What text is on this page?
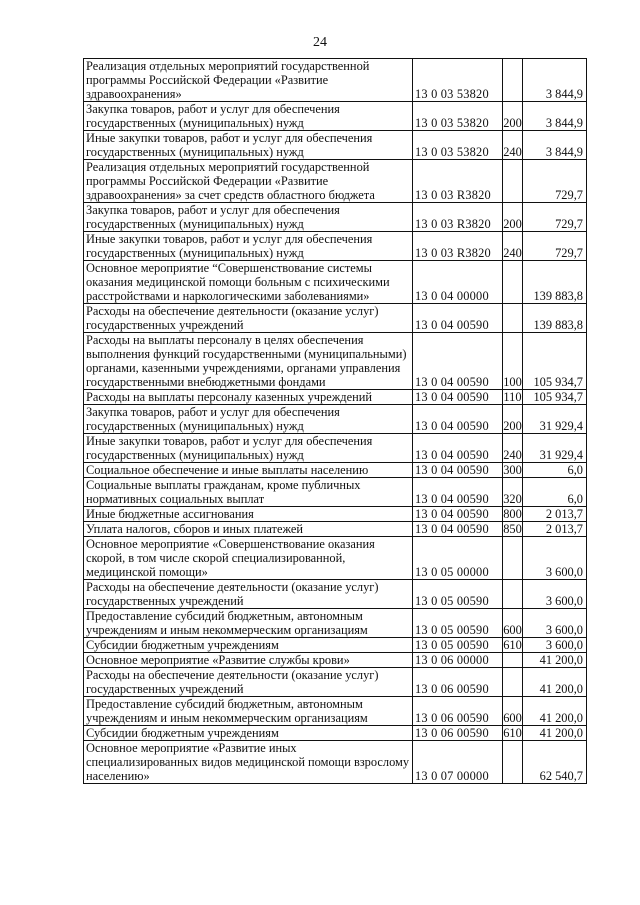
24
Реализация отдельных мероприятий государственной программы Российской Федерации «Развитие здравоохранения»	13 0 03 53820		3 844,9
Закупка товаров, работ и услуг для обеспечения государственных (муниципальных) нужд	13 0 03 53820	200	3 844,9
Иные закупки товаров, работ и услуг для обеспечения государственных (муниципальных) нужд	13 0 03 53820	240	3 844,9
Реализация отдельных мероприятий государственной программы Российской Федерации «Развитие здравоохранения» за счет средств областного бюджета	13 0 03 R3820		729,7
Закупка товаров, работ и услуг для обеспечения государственных (муниципальных) нужд	13 0 03 R3820	200	729,7
Иные закупки товаров, работ и услуг для обеспечения государственных (муниципальных) нужд	13 0 03 R3820	240	729,7
Основное мероприятие “Совершенствование системы оказания медицинской помощи больным с психическими расстройствами и наркологическими заболеваниями»	13 0 04 00000		139 883,8
Расходы на обеспечение деятельности (оказание услуг) государственных учреждений	13 0 04 00590		139 883,8
Расходы на выплаты персоналу в целях обеспечения выполнения функций государственными (муниципальными) органами, казенными учреждениями, органами управления государственными внебюджетными фондами	13 0 04 00590	100	105 934,7
Расходы на выплаты персоналу казенных учреждений	13 0 04 00590	110	105 934,7
Закупка товаров, работ и услуг для обеспечения государственных (муниципальных) нужд	13 0 04 00590	200	31 929,4
Иные закупки товаров, работ и услуг для обеспечения государственных (муниципальных) нужд	13 0 04 00590	240	31 929,4
Социальное обеспечение и иные выплаты населению	13 0 04 00590	300	6,0
Социальные выплаты гражданам, кроме публичных нормативных социальных выплат	13 0 04 00590	320	6,0
Иные бюджетные ассигнования	13 0 04 00590	800	2 013,7
Уплата налогов, сборов и иных платежей	13 0 04 00590	850	2 013,7
Основное мероприятие «Совершенствование оказания скорой, в том числе скорой специализированной, медицинской помощи»	13 0 05 00000		3 600,0
Расходы на обеспечение деятельности (оказание услуг) государственных учреждений	13 0 05 00590		3 600,0
Предоставление субсидий бюджетным, автономным учреждениям и иным некоммерческим организациям	13 0 05 00590	600	3 600,0
Субсидии бюджетным учреждениям	13 0 05 00590	610	3 600,0
Основное мероприятие «Развитие службы крови»	13 0 06 00000		41 200,0
Расходы на обеспечение деятельности (оказание услуг) государственных учреждений	13 0 06 00590		41 200,0
Предоставление субсидий бюджетным, автономным учреждениям и иным некоммерческим организациям	13 0 06 00590	600	41 200,0
Субсидии бюджетным учреждениям	13 0 06 00590	610	41 200,0
Основное мероприятие «Развитие иных специализированных видов медицинской помощи взрослому населению»	13 0 07 00000		62 540,7
